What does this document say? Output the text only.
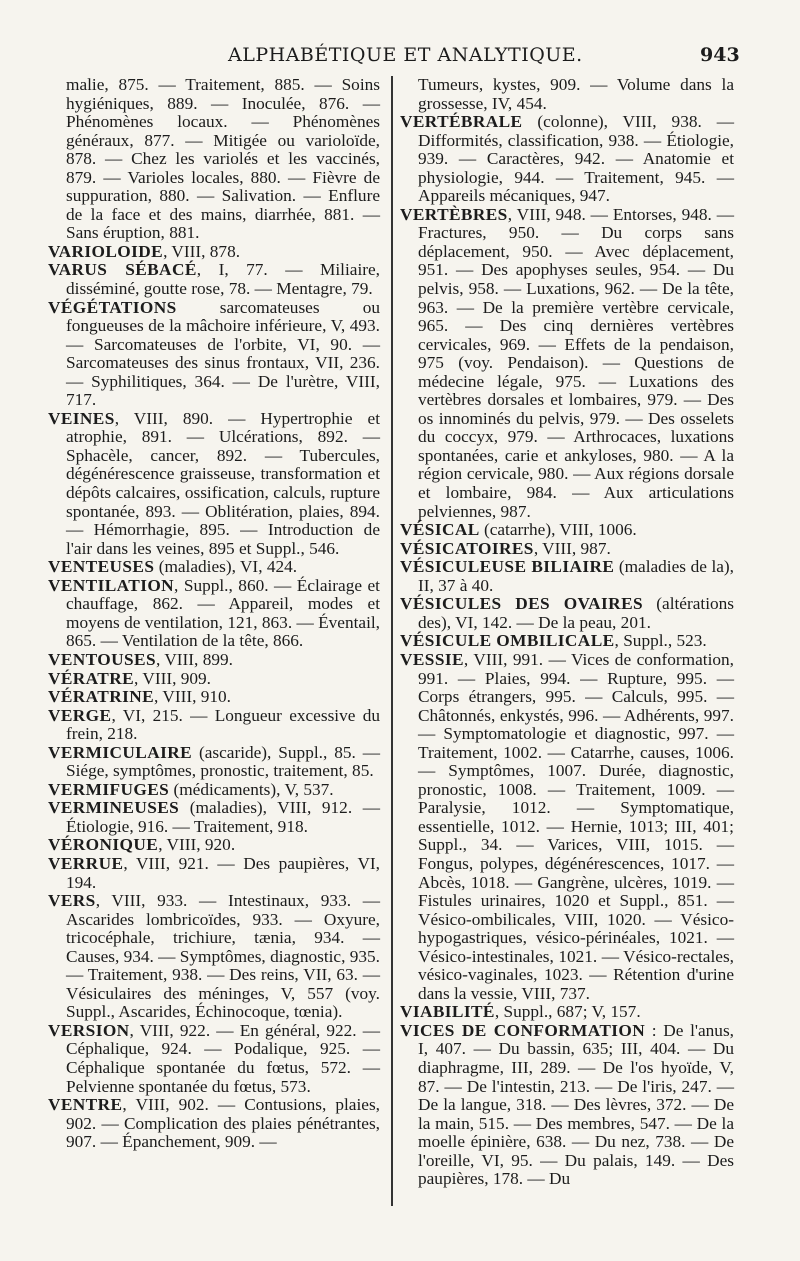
ALPHABÉTIQUE ET ANALYTIQUE.	943
malie, 875. — Traitement, 885. — Soins hygiéniques, 889. — Inoculée, 876. — Phénomènes locaux. — Phénomènes généraux, 877. — Mitigée ou varioloïde, 878. — Chez les variolés et les vaccinés, 879. — Varioles locales, 880. — Fièvre de suppuration, 880. — Salivation. — Enflure de la face et des mains, diarrhée, 881. — Sans éruption, 881.
VARIOLOIDE, VIII, 878.
VARUS SÉBACÉ, I, 77. — Miliaire, disséminé, goutte rose, 78. — Mentagre, 79.
VÉGÉTATIONS sarcomateuses ou fongueuses de la mâchoire inférieure, V, 493. — Sarcomateuses de l'orbite, VI, 90. — Sarcomateuses des sinus frontaux, VII, 236. — Syphilitiques, 364. — De l'urètre, VIII, 717.
VEINES, VIII, 890. — Hypertrophie et atrophie, 891. — Ulcérations, 892. — Sphacèle, cancer, 892. — Tubercules, dégénérescence graisseuse, transformation et dépôts calcaires, ossification, calculs, rupture spontanée, 893. — Oblitération, plaies, 894. — Hémorrhagie, 895. — Introduction de l'air dans les veines, 895 et Suppl., 546.
VENTEUSES (maladies), VI, 424.
VENTILATION, Suppl., 860. — Éclairage et chauffage, 862. — Appareil, modes et moyens de ventilation, 121, 863. — Éventail, 865. — Ventilation de la tête, 866.
VENTOUSES, VIII, 899.
VÉRATRE, VIII, 909.
VÉRATRINE, VIII, 910.
VERGE, VI, 215. — Longueur excessive du frein, 218.
VERMICULAIRE (ascaride), Suppl., 85. — Siége, symptômes, pronostic, traitement, 85.
VERMIFUGES (médicaments), V, 537.
VERMINEUSES (maladies), VIII, 912. — Étiologie, 916. — Traitement, 918.
VÉRONIQUE, VIII, 920.
VERRUE, VIII, 921. — Des paupières, VI, 194.
VERS, VIII, 933. — Intestinaux, 933. — Ascarides lombricoïdes, 933. — Oxyure, tricocéphale, trichiure, tænia, 934. — Causes, 934. — Symptômes, diagnostic, 935. — Traitement, 938. — Des reins, VII, 63. — Vésiculaires des méninges, V, 557 (voy. Suppl., Ascarides, Échinocoque, tœnia).
VERSION, VIII, 922. — En général, 922. — Céphalique, 924. — Podalique, 925. — Céphalique spontanée du fœtus, 572. — Pelvienne spontanée du fœtus, 573.
VENTRE, VIII, 902. — Contusions, plaies, 902. — Complication des plaies pénétrantes, 907. — Épanchement, 909. —
Tumeurs, kystes, 909. — Volume dans la grossesse, IV, 454.
VERTÉBRALE (colonne), VIII, 938. — Difformités, classification, 938. — Étiologie, 939. — Caractères, 942. — Anatomie et physiologie, 944. — Traitement, 945. — Appareils mécaniques, 947.
VERTÈBRES, VIII, 948. — Entorses, 948. — Fractures, 950. — Du corps sans déplacement, 950. — Avec déplacement, 951. — Des apophyses seules, 954. — Du pelvis, 958. — Luxations, 962. — De la tête, 963. — De la première vertèbre cervicale, 965. — Des cinq dernières vertèbres cervicales, 969. — Effets de la pendaison, 975 (voy. Pendaison). — Questions de médecine légale, 975. — Luxations des vertèbres dorsales et lombaires, 979. — Des os innominés du pelvis, 979. — Des osselets du coccyx, 979. — Arthrocaces, luxations spontanées, carie et ankyloses, 980. — A la région cervicale, 980. — Aux régions dorsale et lombaire, 984. — Aux articulations pelviennes, 987.
VÉSICAL (catarrhe), VIII, 1006.
VÉSICATOIRES, VIII, 987.
VÉSICULEUSE BILIAIRE (maladies de la), II, 37 à 40.
VÉSICULES DES OVAIRES (altérations des), VI, 142. — De la peau, 201.
VÉSICULE OMBILICALE, Suppl., 523.
VESSIE, VIII, 991. — Vices de conformation, 991. — Plaies, 994. — Rupture, 995. — Corps étrangers, 995. — Calculs, 995. — Châtonnés, enkystés, 996. — Adhérents, 997. — Symptomatologie et diagnostic, 997. — Traitement, 1002. — Catarrhe, causes, 1006. — Symptômes, 1007. Durée, diagnostic, pronostic, 1008. — Traitement, 1009. — Paralysie, 1012. — Symptomatique, essentielle, 1012. — Hernie, 1013; III, 401; Suppl., 34. — Varices, VIII, 1015. — Fongus, polypes, dégénérescences, 1017. — Abcès, 1018. — Gangrène, ulcères, 1019. — Fistules urinaires, 1020 et Suppl., 851. — Vésico-ombilicales, VIII, 1020. — Vésico-hypogastriques, vésico-périnéales, 1021. — Vésico-intestinales, 1021. — Vésico-rectales, vésico-vaginales, 1023. — Rétention d'urine dans la vessie, VIII, 737.
VIABILITÉ, Suppl., 687; V, 157.
VICES DE CONFORMATION : De l'anus, I, 407. — Du bassin, 635; III, 404. — Du diaphragme, III, 289. — De l'os hyoïde, V, 87. — De l'intestin, 213. — De l'iris, 247. — De la langue, 318. — Des lèvres, 372. — De la main, 515. — Des membres, 547. — De la moelle épinière, 638. — Du nez, 738. — De l'oreille, VI, 95. — Du palais, 149. — Des paupières, 178. — Du
